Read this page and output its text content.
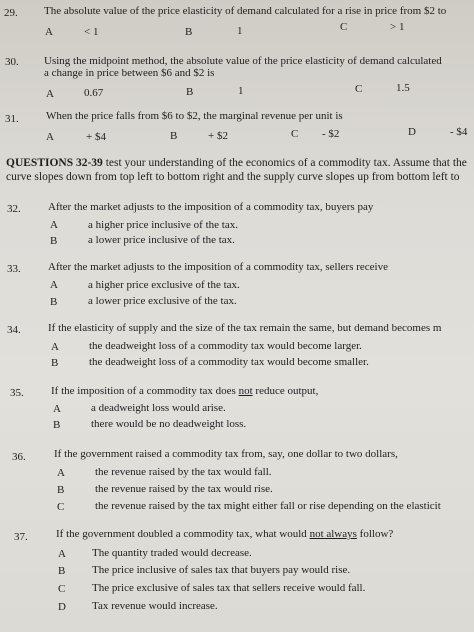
29. The absolute value of the price elasticity of demand calculated for a rise in price from $2 to
A	< 1	B	1	C	> 1
30. Using the midpoint method, the absolute value of the price elasticity of demand calculated
a change in price between $6 and $2 is
A	0.67	B	1	C	1.5
31. When the price falls from $6 to $2, the marginal revenue per unit is
A	+ $4	B	+ $2	C - $2	D	- $4
QUESTIONS 32-39 test your understanding of the economics of a commodity tax. Assume that the
curve slopes down from top left to bottom right and the supply curve slopes up from bottom left to
32. After the market adjusts to the imposition of a commodity tax, buyers pay
A	a higher price inclusive of the tax.
B	a lower price inclusive of the tax.
33. After the market adjusts to the imposition of a commodity tax, sellers receive
A	a higher price exclusive of the tax.
B	a lower price exclusive of the tax.
34. If the elasticity of supply and the size of the tax remain the same, but demand becomes m
A	the deadweight loss of a commodity tax would become larger.
B	the deadweight loss of a commodity tax would become smaller.
35. If the imposition of a commodity tax does not reduce output,
A	a deadweight loss would arise.
B	there would be no deadweight loss.
36.	If the government raised a commodity tax from, say, one dollar to two dollars,
A	the revenue raised by the tax would fall.
B	the revenue raised by the tax would rise.
C	the revenue raised by the tax might either fall or rise depending on the elasticit
37.	If the government doubled a commodity tax, what would not always follow?
A The quantity traded would decrease.
B The price inclusive of sales tax that buyers pay would rise.
C The price exclusive of sales tax that sellers receive would fall.
D Tax revenue would increase.
